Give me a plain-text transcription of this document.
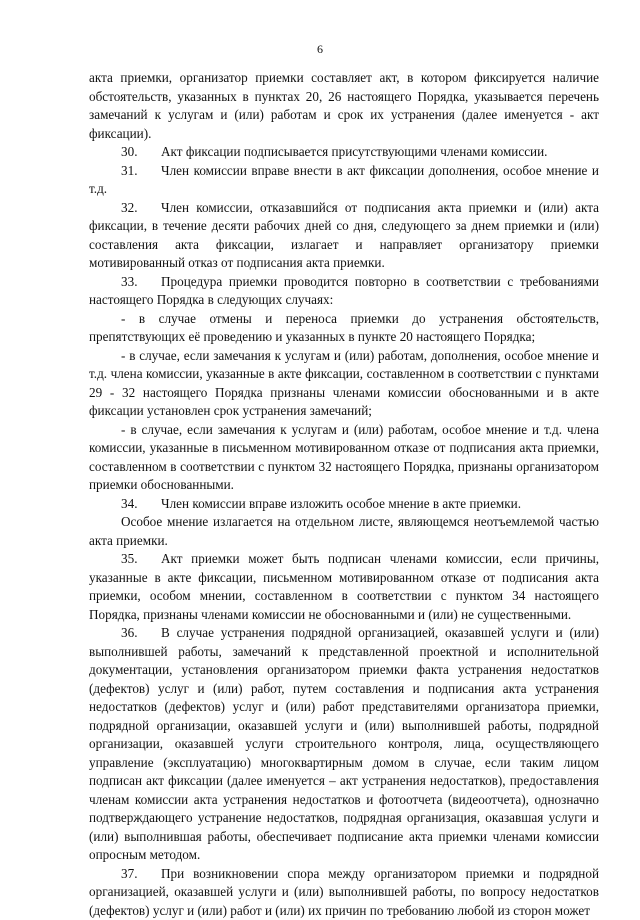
6

акта приемки, организатор приемки составляет акт, в котором фиксируется наличие обстоятельств, указанных в пунктах 20, 26 настоящего Порядка, указывается перечень замечаний к услугам и (или) работам и срок их устранения (далее именуется - акт фиксации).

30. Акт фиксации подписывается присутствующими членами комиссии.

31. Член комиссии вправе внести в акт фиксации дополнения, особое мнение и т.д.

32. Член комиссии, отказавшийся от подписания акта приемки и (или) акта фиксации, в течение десяти рабочих дней со дня, следующего за днем приемки и (или) составления акта фиксации, излагает и направляет организатору приемки мотивированный отказ от подписания акта приемки.

33. Процедура приемки проводится повторно в соответствии с требованиями настоящего Порядка в следующих случаях:

- в случае отмены и переноса приемки до устранения обстоятельств, препятствующих её проведению и указанных в пункте 20 настоящего Порядка;

- в случае, если замечания к услугам и (или) работам, дополнения, особое мнение и т.д. члена комиссии, указанные в акте фиксации, составленном в соответствии с пунктами 29 - 32 настоящего Порядка признаны членами комиссии обоснованными и в акте фиксации установлен срок устранения замечаний;

- в случае, если замечания к услугам и (или) работам, особое мнение и т.д. члена комиссии, указанные в письменном мотивированном отказе от подписания акта приемки, составленном в соответствии с пунктом 32 настоящего Порядка, признаны организатором приемки обоснованными.

34. Член комиссии вправе изложить особое мнение в акте приемки.

Особое мнение излагается на отдельном листе, являющемся неотъемлемой частью акта приемки.

35. Акт приемки может быть подписан членами комиссии, если причины, указанные в акте фиксации, письменном мотивированном отказе от подписания акта приемки, особом мнении, составленном в соответствии с пунктом 34 настоящего Порядка, признаны членами комиссии не обоснованными и (или) не существенными.

36. В случае устранения подрядной организацией, оказавшей услуги и (или) выполнившей работы, замечаний к представленной проектной и исполнительной документации, установления организатором приемки факта устранения недостатков (дефектов) услуг и (или) работ, путем составления и подписания акта устранения недостатков (дефектов) услуг и (или) работ представителями организатора приемки, подрядной организации, оказавшей услуги и (или) выполнившей работы, подрядной организации, оказавшей услуги строительного контроля, лица, осуществляющего управление (эксплуатацию) многоквартирным домом в случае, если таким лицом подписан акт фиксации (далее именуется – акт устранения недостатков), предоставления членам комиссии акта устранения недостатков и фотоотчета (видеоотчета), однозначно подтверждающего устранение недостатков, подрядная организация, оказавшая услуги и (или) выполнившая работы, обеспечивает подписание акта приемки членами комиссии опросным методом.

37. При возникновении спора между организатором приемки и подрядной организацией, оказавшей услуги и (или) выполнившей работы, по вопросу недостатков (дефектов) услуг и (или) работ и (или) их причин по требованию любой из сторон может
